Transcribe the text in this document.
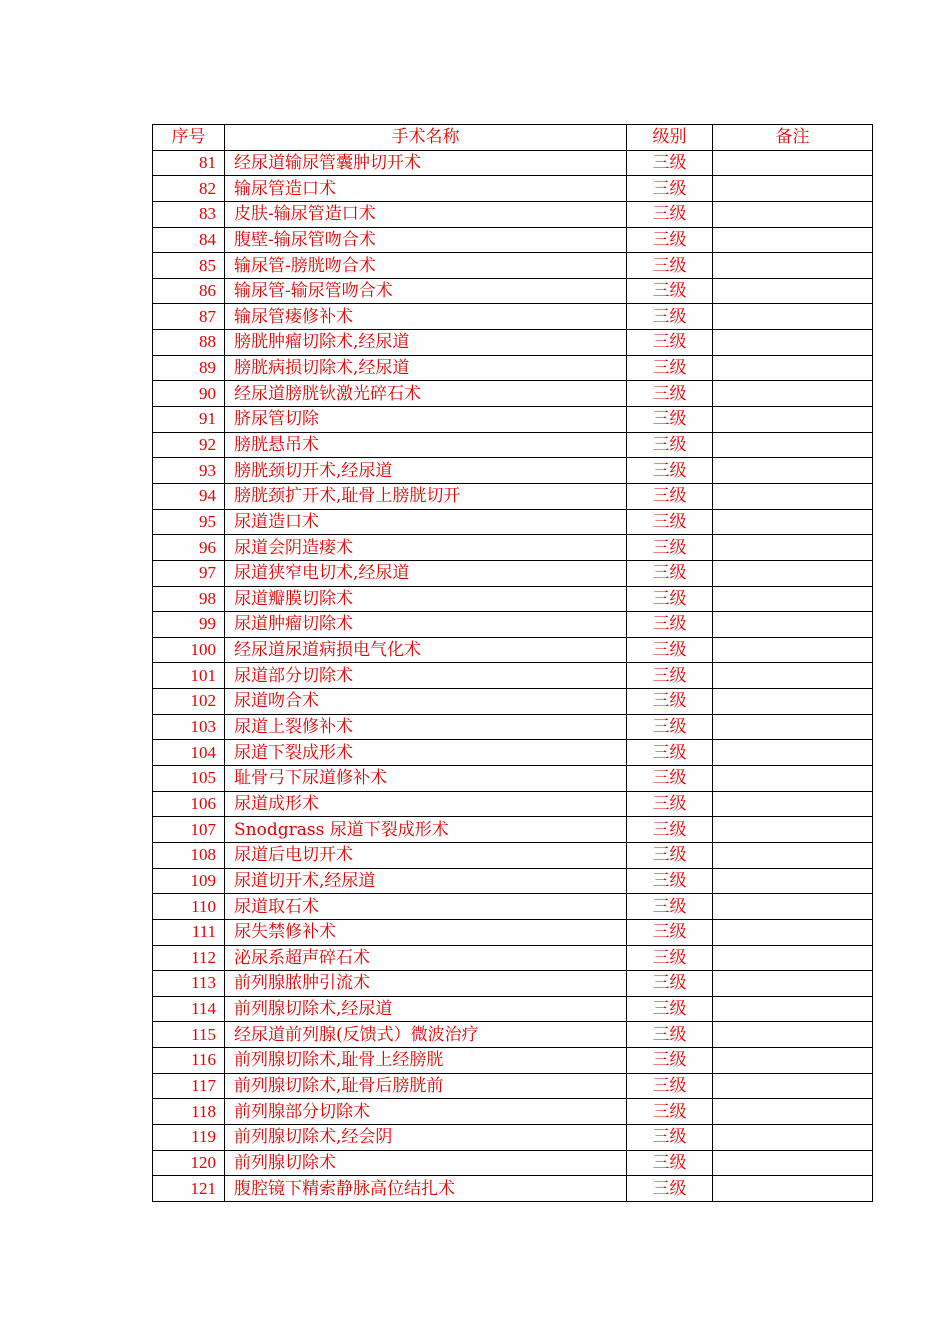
序号	手术名称	级别	备注
81	经尿道输尿管囊肿切开术	三级	
82	输尿管造口术	三级	
83	皮肤-输尿管造口术	三级	
84	腹壁-输尿管吻合术	三级	
85	输尿管-膀胱吻合术	三级	
86	输尿管-输尿管吻合术	三级	
87	输尿管瘘修补术	三级	
88	膀胱肿瘤切除术,经尿道	三级	
89	膀胱病损切除术,经尿道	三级	
90	经尿道膀胱钬激光碎石术	三级	
91	脐尿管切除	三级	
92	膀胱悬吊术	三级	
93	膀胱颈切开术,经尿道	三级	
94	膀胱颈扩开术,耻骨上膀胱切开	三级	
95	尿道造口术	三级	
96	尿道会阴造瘘术	三级	
97	尿道狭窄电切术,经尿道	三级	
98	尿道瓣膜切除术	三级	
99	尿道肿瘤切除术	三级	
100	经尿道尿道病损电气化术	三级	
101	尿道部分切除术	三级	
102	尿道吻合术	三级	
103	尿道上裂修补术	三级	
104	尿道下裂成形术	三级	
105	耻骨弓下尿道修补术	三级	
106	尿道成形术	三级	
107	Snodgrass 尿道下裂成形术	三级	
108	尿道后电切开术	三级	
109	尿道切开术,经尿道	三级	
110	尿道取石术	三级	
111	尿失禁修补术	三级	
112	泌尿系超声碎石术	三级	
113	前列腺脓肿引流术	三级	
114	前列腺切除术,经尿道	三级	
115	经尿道前列腺(反馈式）微波治疗	三级	
116	前列腺切除术,耻骨上经膀胱	三级	
117	前列腺切除术,耻骨后膀胱前	三级	
118	前列腺部分切除术	三级	
119	前列腺切除术,经会阴	三级	
120	前列腺切除术	三级	
121	腹腔镜下精索静脉高位结扎术	三级	
